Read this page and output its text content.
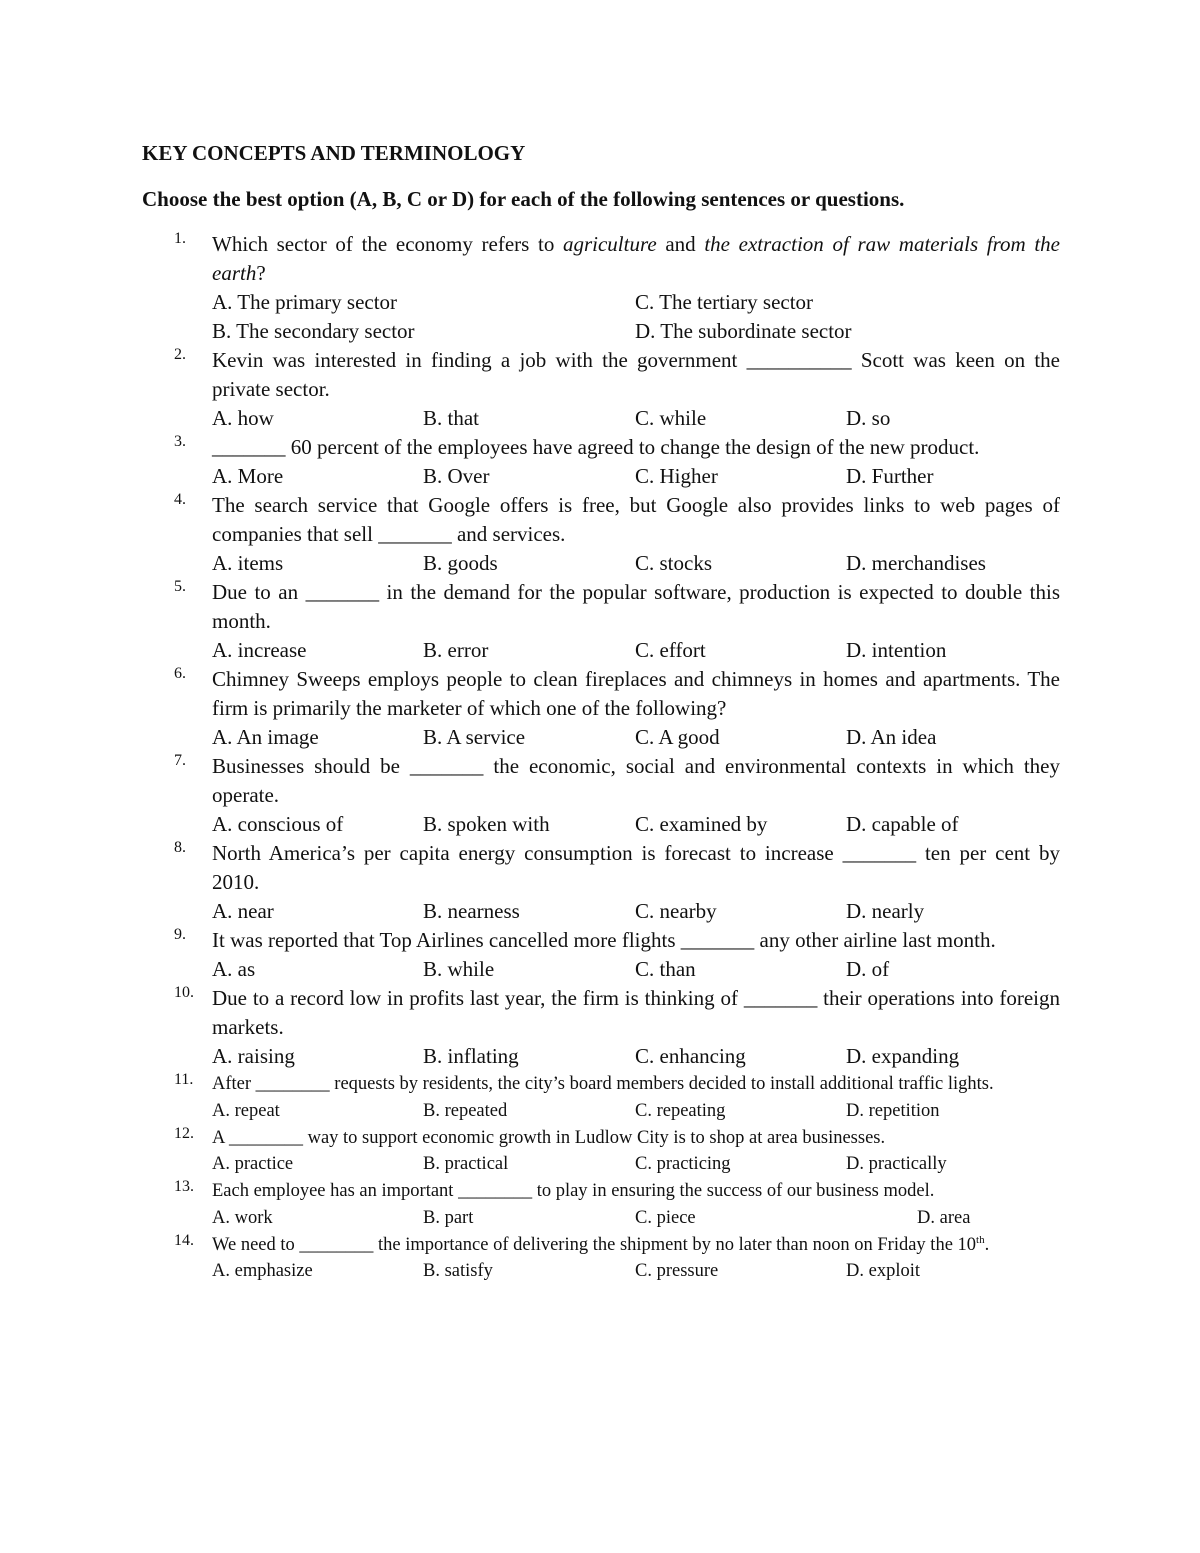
KEY CONCEPTS AND TERMINOLOGY

Choose the best option (A, B, C or D) for each of the following sentences or questions.

1.	Which sector of the economy refers to agriculture and the extraction of raw materials from the earth?
A. The primary sector	C. The tertiary sector
B. The secondary sector	D. The subordinate sector
2.	Kevin was interested in finding a job with the government __________ Scott was keen on the private sector.
A. how	B. that	C. while	D. so
3.	_______ 60 percent of the employees have agreed to change the design of the new product.
A. More	B. Over	C. Higher	D. Further
4.	The search service that Google offers is free, but Google also provides links to web pages of companies that sell _______ and services.
A. items	B. goods	C. stocks	D. merchandises
5.	Due to an _______ in the demand for the popular software, production is expected to double this month.
A. increase	B. error	C. effort	D. intention
6.	Chimney Sweeps employs people to clean fireplaces and chimneys in homes and apartments. The firm is primarily the marketer of which one of the following?
A. An image	B. A service	C. A good	D. An idea
7.	Businesses should be _______ the economic, social and environmental contexts in which they operate.
A. conscious of	B. spoken with	C. examined by	D. capable of
8.	North America’s per capita energy consumption is forecast to increase _______ ten per cent by 2010.
A. near	B. nearness	C. nearby	D. nearly
9.	It was reported that Top Airlines cancelled more flights _______ any other airline last month.
A. as	B. while	C. than	D. of
10. Due to a record low in profits last year, the firm is thinking of _______ their operations into foreign markets.
A. raising	B. inflating	C. enhancing	D. expanding
11.	After ________ requests by residents, the city’s board members decided to install additional traffic lights.
A. repeat	B. repeated	C. repeating	D. repetition
12. A ________ way to support economic growth in Ludlow City is to shop at area businesses.
A. practice	B. practical	C. practicing	D. practically
13. Each employee has an important ________ to play in ensuring the success of our business model.
A. work	B. part	C. piece	D. area
14. We need to ________ the importance of delivering the shipment by no later than noon on Friday the 10th.
A. emphasize	B. satisfy	C. pressure	D. exploit
